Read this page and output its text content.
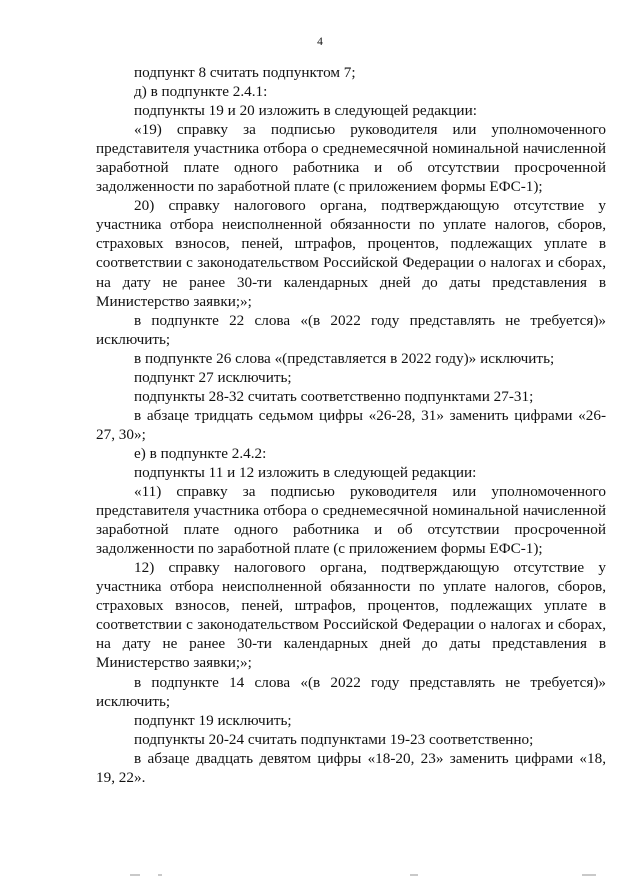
4

подпункт 8 считать подпунктом 7;

д) в подпункте 2.4.1:

подпункты 19 и 20 изложить в следующей редакции:

«19) справку за подписью руководителя или уполномоченного представителя участника отбора о среднемесячной номинальной начисленной заработной плате одного работника и об отсутствии просроченной задолженности по заработной плате (с приложением формы ЕФС-1);

20) справку налогового органа, подтверждающую отсутствие у участника отбора неисполненной обязанности по уплате налогов, сборов, страховых взносов, пеней, штрафов, процентов, подлежащих уплате в соответствии с законодательством Российской Федерации о налогах и сборах, на дату не ранее 30-ти календарных дней до даты представления в Министерство заявки;»;

в подпункте 22 слова «(в 2022 году представлять не требуется)» исключить;

в подпункте 26 слова «(представляется в 2022 году)» исключить;

подпункт 27 исключить;

подпункты 28-32 считать соответственно подпунктами 27-31;

в абзаце тридцать седьмом цифры «26-28, 31» заменить цифрами «26-27, 30»;

е) в подпункте 2.4.2:

подпункты 11 и 12 изложить в следующей редакции:

«11) справку за подписью руководителя или уполномоченного представителя участника отбора о среднемесячной номинальной начисленной заработной плате одного работника и об отсутствии просроченной задолженности по заработной плате (с приложением формы ЕФС-1);

12) справку налогового органа, подтверждающую отсутствие у участника отбора неисполненной обязанности по уплате налогов, сборов, страховых взносов, пеней, штрафов, процентов, подлежащих уплате в соответствии с законодательством Российской Федерации о налогах и сборах, на дату не ранее 30-ти календарных дней до даты представления в Министерство заявки;»;

в подпункте 14 слова «(в 2022 году представлять не требуется)» исключить;

подпункт 19 исключить;

подпункты 20-24 считать подпунктами 19-23 соответственно;

в абзаце двадцать девятом цифры «18-20, 23» заменить цифрами «18, 19, 22».
